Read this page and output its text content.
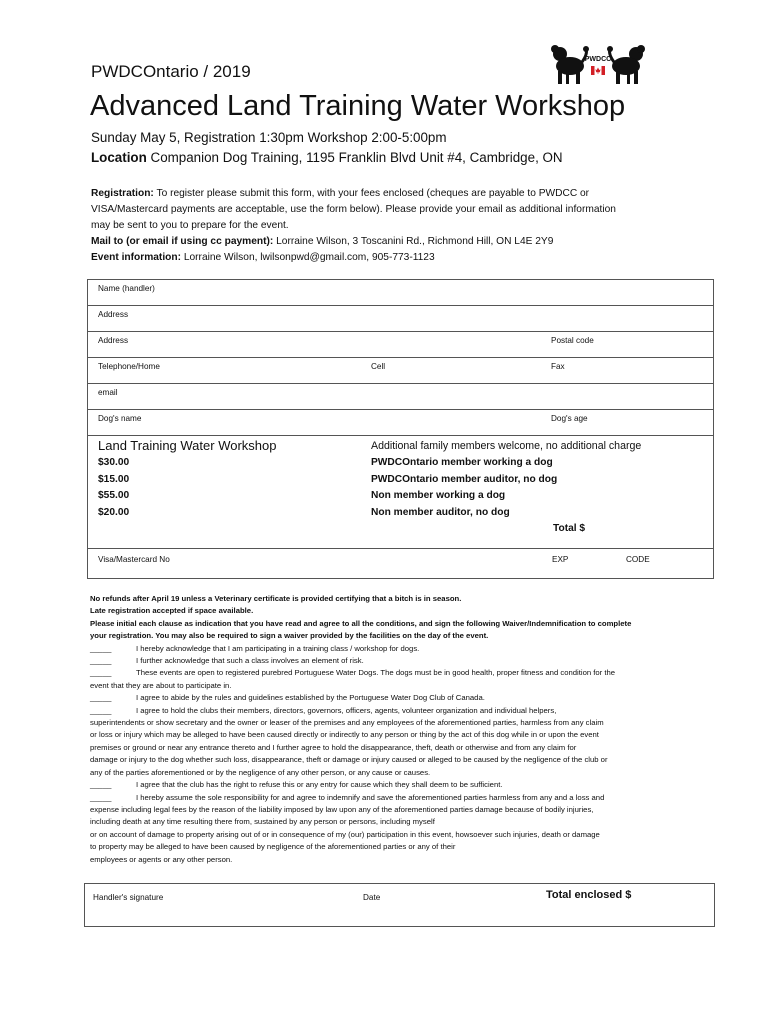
PWDCOntario / 2019
PWDCC
Advanced Land Training Water Workshop
Sunday May 5, Registration 1:30pm Workshop 2:00-5:00pm
Location Companion Dog Training, 1195 Franklin Blvd Unit #4, Cambridge, ON

Registration: To register please submit this form, with your fees enclosed (cheques are payable to PWDCC or

VISA/Mastercard payments are acceptable, use the form below). Please provide your email as additional information

may be sent to you to prepare for the event.

Mail to (or email if using cc payment): Lorraine Wilson, 3 Toscanini Rd., Richmond Hill, ON L4E 2Y9

Event information: Lorraine Wilson, lwilsonpwd@gmail.com, 905-773-1123

Name (handler)
Address
Address	Postal code
Telephone/Home	Cell	Fax
email
Dog's name	Dog's age
Land Training Water Workshop	Additional family members welcome, no additional charge
$30.00	PWDCOntario member working a dog
$15.00	PWDCOntario member auditor, no dog
$55.00	Non member working a dog
$20.00	Non member auditor, no dog
Total $
Visa/Mastercard No	EXP	CODE

No refunds after April 19 unless a Veterinary certificate is provided certifying that a bitch is in season.

Late registration accepted if space available.

Please initial each clause as indication that you have read and agree to all the conditions, and sign the following Waiver/Indemnification to complete

your registration. You may also be required to sign a waiver provided by the facilities on the day of the event.

_____	I hereby acknowledge that I am participating in a training class / workshop for dogs.

_____	I further acknowledge that such a class involves an element of risk.

_____	These events are open to registered purebred Portuguese Water Dogs. The dogs must be in good health, proper fitness and condition for the

event that they are about to participate in.

_____	I agree to abide by the rules and guidelines established by the Portuguese Water Dog Club of Canada.

_____	I agree to hold the clubs their members, directors, governors, officers, agents, volunteer organization and individual helpers,

superintendents or show secretary and the owner or leaser of the premises and any employees of the aforementioned parties, harmless from any claim

or loss or injury which may be alleged to have been caused directly or indirectly to any person or thing by the act of this dog while in or upon the event

premises or ground or near any entrance thereto and I further agree to hold the disappearance, theft, death or otherwise and from any claim for

damage or injury to the dog whether such loss, disappearance, theft or damage or injury caused or alleged to be caused by the negligence of the club or

any of the parties aforementioned or by the negligence of any other person, or any cause or causes.

_____	I agree that the club has the right to refuse this or any entry for cause which they shall deem to be sufficient.

_____	I hereby assume the sole responsibility for and agree to indemnify and save the aforementioned parties harmless from any and a loss and

expense including legal fees by the reason of the liability imposed by law upon any of the aforementioned parties damage because of bodily injuries,

including death at any time resulting there from, sustained by any person or persons, including myself

or on account of damage to property arising out of or in consequence of my (our) participation in this event, howsoever such injuries, death or damage

to property may be alleged to have been caused by negligence of the aforementioned parties or any of their

employees or agents or any other person.

Handler's signature	Date	Total enclosed $
